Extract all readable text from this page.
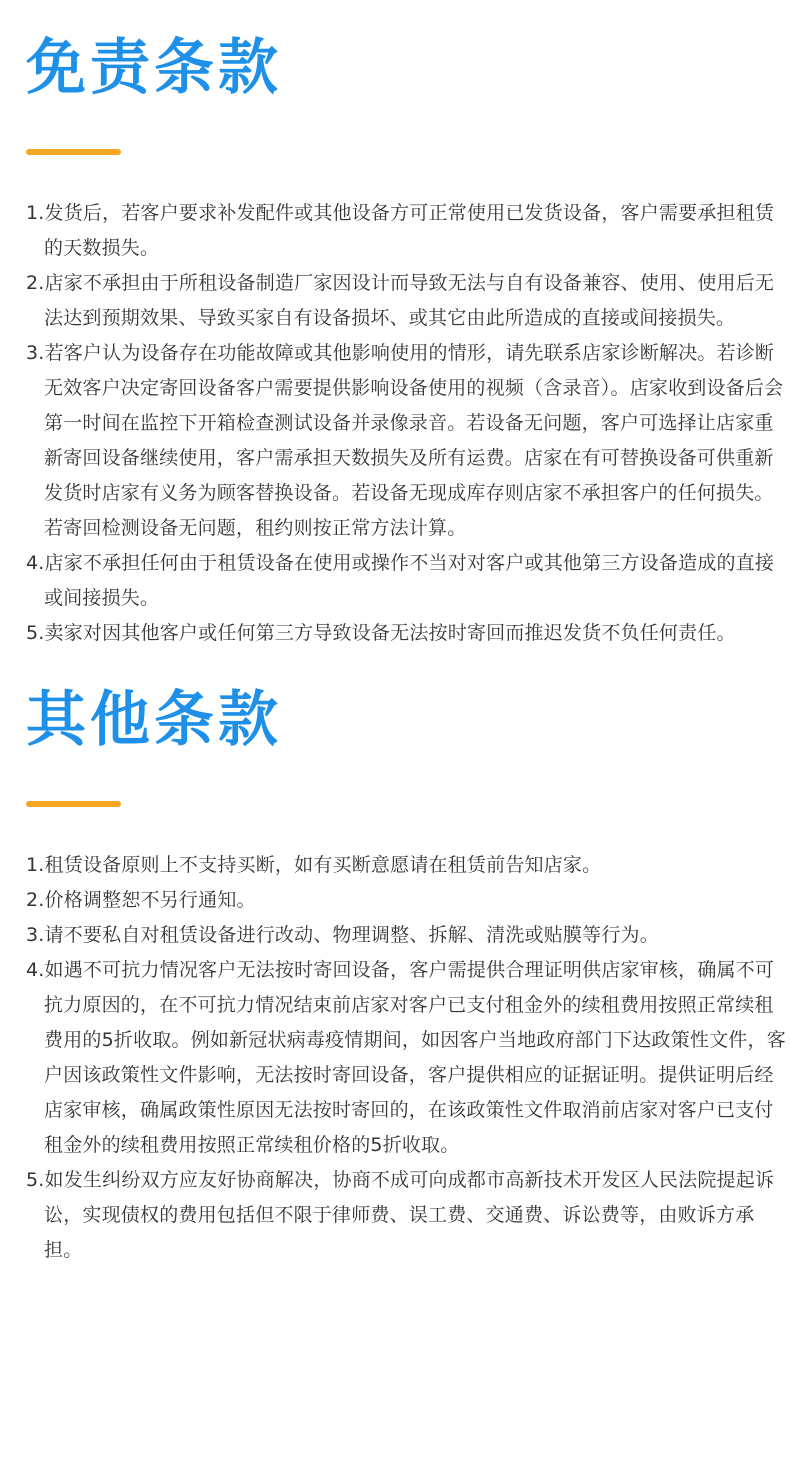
免责条款
1.发货后，若客户要求补发配件或其他设备方可正常使用已发货设备，客户需要承担租赁的天数损失。
2.店家不承担由于所租设备制造厂家因设计而导致无法与自有设备兼容、使用、使用后无法达到预期效果、导致买家自有设备损坏、或其它由此所造成的直接或间接损失。
3.若客户认为设备存在功能故障或其他影响使用的情形，请先联系店家诊断解决。若诊断无效客户决定寄回设备客户需要提供影响设备使用的视频（含录音）。店家收到设备后会第一时间在监控下开箱检查测试设备并录像录音。若设备无问题，客户可选择让店家重新寄回设备继续使用，客户需承担天数损失及所有运费。店家在有可替换设备可供重新发货时店家有义务为顾客替换设备。若设备无现成库存则店家不承担客户的任何损失。若寄回检测设备无问题，租约则按正常方法计算。
4.店家不承担任何由于租赁设备在使用或操作不当对对客户或其他第三方设备造成的直接或间接损失。
5.卖家对因其他客户或任何第三方导致设备无法按时寄回而推迟发货不负任何责任。
其他条款
1.租赁设备原则上不支持买断，如有买断意愿请在租赁前告知店家。
2.价格调整恕不另行通知。
3.请不要私自对租赁设备进行改动、物理调整、拆解、清洗或贴膜等行为。
4.如遇不可抗力情况客户无法按时寄回设备，客户需提供合理证明供店家审核，确属不可抗力原因的，在不可抗力情况结束前店家对客户已支付租金外的续租费用按照正常续租费用的5折收取。例如新冠状病毒疫情期间，如因客户当地政府部门下达政策性文件，客户因该政策性文件影响，无法按时寄回设备，客户提供相应的证据证明。提供证明后经店家审核，确属政策性原因无法按时寄回的，在该政策性文件取消前店家对客户已支付租金外的续租费用按照正常续租价格的5折收取。
5.如发生纠纷双方应友好协商解决，协商不成可向成都市高新技术开发区人民法院提起诉讼，实现债权的费用包括但不限于律师费、误工费、交通费、诉讼费等，由败诉方承担。
